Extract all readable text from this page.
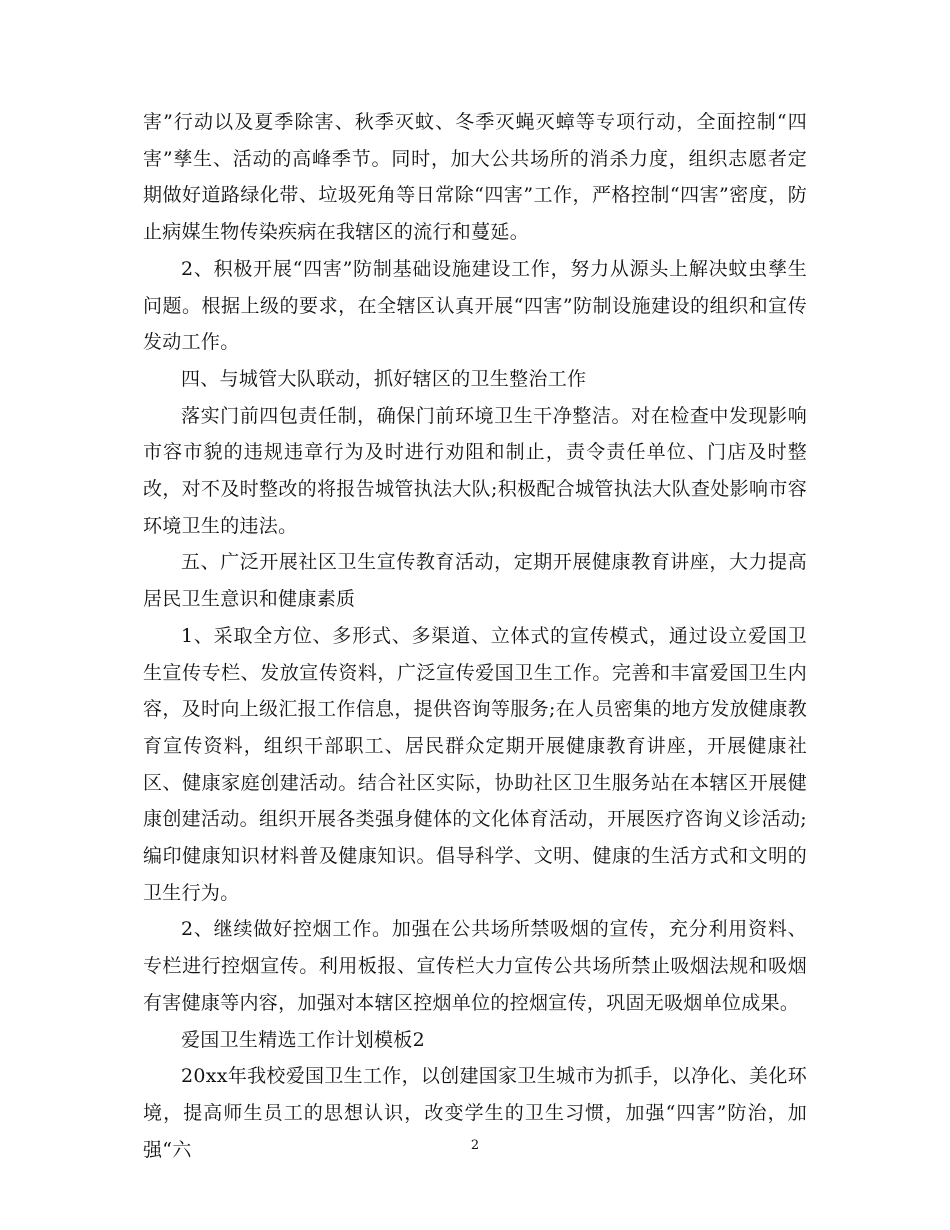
害”行动以及夏季除害、秋季灭蚊、冬季灭蝇灭蟑等专项行动，全面控制“四害”孳生、活动的高峰季节。同时，加大公共场所的消杀力度，组织志愿者定期做好道路绿化带、垃圾死角等日常除“四害”工作，严格控制“四害”密度，防止病媒生物传染疾病在我辖区的流行和蔓延。

2、积极开展“四害”防制基础设施建设工作，努力从源头上解决蚊虫孳生问题。根据上级的要求，在全辖区认真开展“四害”防制设施建设的组织和宣传发动工作。

四、与城管大队联动，抓好辖区的卫生整治工作

落实门前四包责任制，确保门前环境卫生干净整洁。对在检查中发现影响市容市貌的违规违章行为及时进行劝阻和制止，责令责任单位、门店及时整改，对不及时整改的将报告城管执法大队;积极配合城管执法大队查处影响市容环境卫生的违法。

五、广泛开展社区卫生宣传教育活动，定期开展健康教育讲座，大力提高居民卫生意识和健康素质

1、采取全方位、多形式、多渠道、立体式的宣传模式，通过设立爱国卫生宣传专栏、发放宣传资料，广泛宣传爱国卫生工作。完善和丰富爱国卫生内容，及时向上级汇报工作信息，提供咨询等服务;在人员密集的地方发放健康教育宣传资料，组织干部职工、居民群众定期开展健康教育讲座，开展健康社区、健康家庭创建活动。结合社区实际，协助社区卫生服务站在本辖区开展健康创建活动。组织开展各类强身健体的文化体育活动，开展医疗咨询义诊活动;编印健康知识材料普及健康知识。倡导科学、文明、健康的生活方式和文明的卫生行为。

2、继续做好控烟工作。加强在公共场所禁吸烟的宣传，充分利用资料、专栏进行控烟宣传。利用板报、宣传栏大力宣传公共场所禁止吸烟法规和吸烟有害健康等内容，加强对本辖区控烟单位的控烟宣传，巩固无吸烟单位成果。

爱国卫生精选工作计划模板2

20xx年我校爱国卫生工作，以创建国家卫生城市为抓手，以净化、美化环境，提高师生员工的思想认识，改变学生的卫生习惯，加强“四害”防治，加强“六	2
